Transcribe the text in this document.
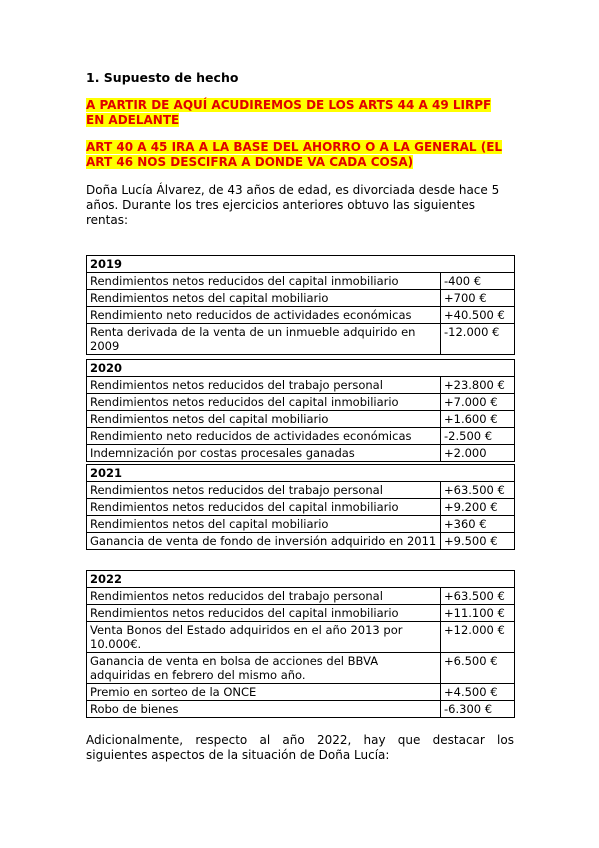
1. Supuesto de hecho
A PARTIR DE AQUÍ ACUDIREMOS DE LOS ARTS 44 A 49 LIRPF
EN ADELANTE
ART 40 A 45 IRA A LA BASE DEL AHORRO O A LA GENERAL (EL
ART 46 NOS DESCIFRA A DONDE VA CADA COSA)
Doña Lucía Álvarez, de 43 años de edad, es divorciada desde hace 5
años. Durante los tres ejercicios anteriores obtuvo las siguientes
rentas:
2019	
Rendimientos netos reducidos del capital inmobiliario	-400 €
Rendimientos netos del capital mobiliario	+700 €
Rendimiento neto reducidos de actividades económicas	+40.500 €
Renta derivada de la venta de un inmueble adquirido en 2009	-12.000 €
2020	
Rendimientos netos reducidos del trabajo personal	+23.800 €
Rendimientos netos reducidos del capital inmobiliario	+7.000 €
Rendimientos netos del capital mobiliario	+1.600 €
Rendimiento neto reducidos de actividades económicas	-2.500 €
Indemnización por costas procesales ganadas	+2.000
2021	
Rendimientos netos reducidos del trabajo personal	+63.500 €
Rendimientos netos reducidos del capital inmobiliario	+9.200 €
Rendimientos netos del capital mobiliario	+360 €
Ganancia de venta de fondo de inversión adquirido en 2011	+9.500 €
2022	
Rendimientos netos reducidos del trabajo personal	+63.500 €
Rendimientos netos reducidos del capital inmobiliario	+11.100 €
Venta Bonos del Estado adquiridos en el año 2013 por 10.000€.	+12.000 €
Ganancia de venta en bolsa de acciones del BBVA adquiridas en febrero del mismo año.	+6.500 €
Premio en sorteo de la ONCE	+4.500 €
Robo de bienes	-6.300 €
Adicionalmente, respecto al año 2022, hay que destacar los
siguientes aspectos de la situación de Doña Lucía:
